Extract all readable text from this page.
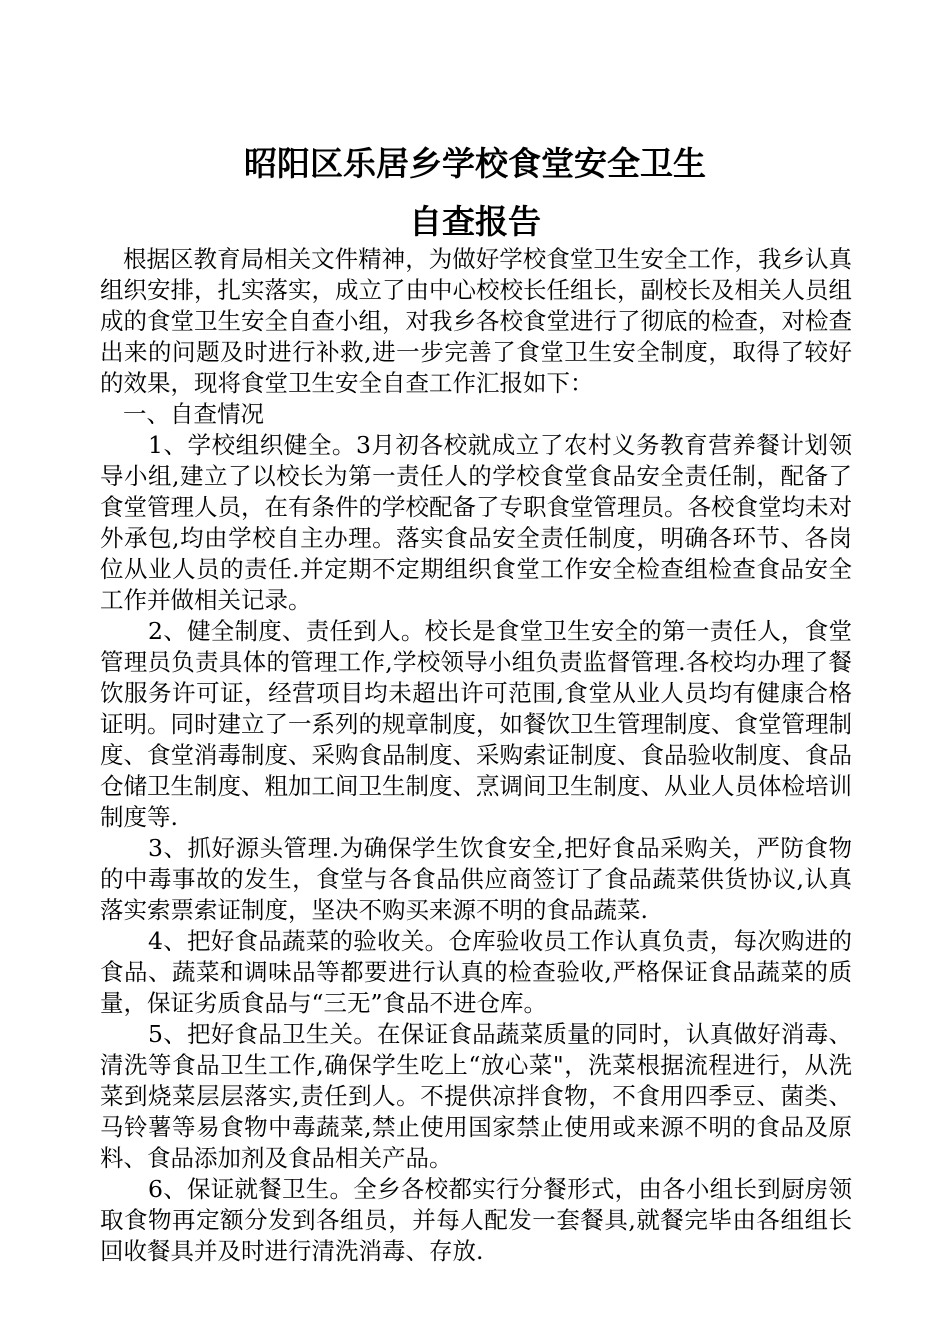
昭阳区乐居乡学校食堂安全卫生
自查报告

根据区教育局相关文件精神，为做好学校食堂卫生安全工作，我乡认真组织安排，扎实落实，成立了由中心校校长任组长，副校长及相关人员组成的食堂卫生安全自查小组，对我乡各校食堂进行了彻底的检查，对检查出来的问题及时进行补救,进一步完善了食堂卫生安全制度，取得了较好的效果，现将食堂卫生安全自查工作汇报如下：

一、自查情况

1、学校组织健全。3月初各校就成立了农村义务教育营养餐计划领导小组,建立了以校长为第一责任人的学校食堂食品安全责任制，配备了食堂管理人员，在有条件的学校配备了专职食堂管理员。各校食堂均未对外承包,均由学校自主办理。落实食品安全责任制度，明确各环节、各岗位从业人员的责任.并定期不定期组织食堂工作安全检查组检查食品安全工作并做相关记录。

2、健全制度、责任到人。校长是食堂卫生安全的第一责任人，食堂管理员负责具体的管理工作,学校领导小组负责监督管理.各校均办理了餐饮服务许可证，经营项目均未超出许可范围,食堂从业人员均有健康合格证明。同时建立了一系列的规章制度，如餐饮卫生管理制度、食堂管理制度、食堂消毒制度、采购食品制度、采购索证制度、食品验收制度、食品仓储卫生制度、粗加工间卫生制度、烹调间卫生制度、从业人员体检培训制度等.

3、抓好源头管理.为确保学生饮食安全,把好食品采购关，严防食物的中毒事故的发生，食堂与各食品供应商签订了食品蔬菜供货协议,认真落实索票索证制度，坚决不购买来源不明的食品蔬菜.

4、把好食品蔬菜的验收关。仓库验收员工作认真负责，每次购进的食品、蔬菜和调味品等都要进行认真的检查验收,严格保证食品蔬菜的质量，保证劣质食品与“三无”食品不进仓库。

5、把好食品卫生关。在保证食品蔬菜质量的同时，认真做好消毒、清洗等食品卫生工作,确保学生吃上“放心菜"，洗菜根据流程进行，从洗菜到烧菜层层落实,责任到人。不提供凉拌食物，不食用四季豆、菌类、马铃薯等易食物中毒蔬菜,禁止使用国家禁止使用或来源不明的食品及原料、食品添加剂及食品相关产品。

6、保证就餐卫生。全乡各校都实行分餐形式，由各小组长到厨房领取食物再定额分发到各组员，并每人配发一套餐具,就餐完毕由各组组长回收餐具并及时进行清洗消毒、存放.
